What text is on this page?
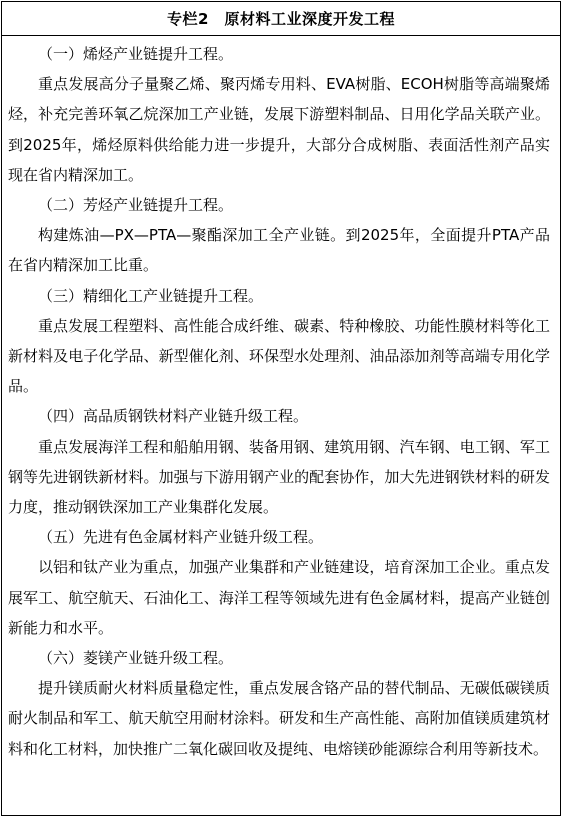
专栏2　原材料工业深度开发工程

（一）烯烃产业链提升工程。

重点发展高分子量聚乙烯、聚丙烯专用料、EVA树脂、ECOH树脂等高端聚烯烃，补充完善环氧乙烷深加工产业链，发展下游塑料制品、日用化学品关联产业。到2025年，烯烃原料供给能力进一步提升，大部分合成树脂、表面活性剂产品实现在省内精深加工。

（二）芳烃产业链提升工程。

构建炼油—PX—PTA—聚酯深加工全产业链。到2025年，全面提升PTA产品在省内精深加工比重。

（三）精细化工产业链提升工程。

重点发展工程塑料、高性能合成纤维、碳素、特种橡胶、功能性膜材料等化工新材料及电子化学品、新型催化剂、环保型水处理剂、油品添加剂等高端专用化学品。

（四）高品质钢铁材料产业链升级工程。

重点发展海洋工程和船舶用钢、装备用钢、建筑用钢、汽车钢、电工钢、军工钢等先进钢铁新材料。加强与下游用钢产业的配套协作，加大先进钢铁材料的研发力度，推动钢铁深加工产业集群化发展。

（五）先进有色金属材料产业链升级工程。

以铝和钛产业为重点，加强产业集群和产业链建设，培育深加工企业。重点发展军工、航空航天、石油化工、海洋工程等领域先进有色金属材料，提高产业链创新能力和水平。

（六）菱镁产业链升级工程。

提升镁质耐火材料质量稳定性，重点发展含铬产品的替代制品、无碳低碳镁质耐火制品和军工、航天航空用耐材涂料。研发和生产高性能、高附加值镁质建筑材料和化工材料，加快推广二氧化碳回收及提纯、电熔镁砂能源综合利用等新技术。
